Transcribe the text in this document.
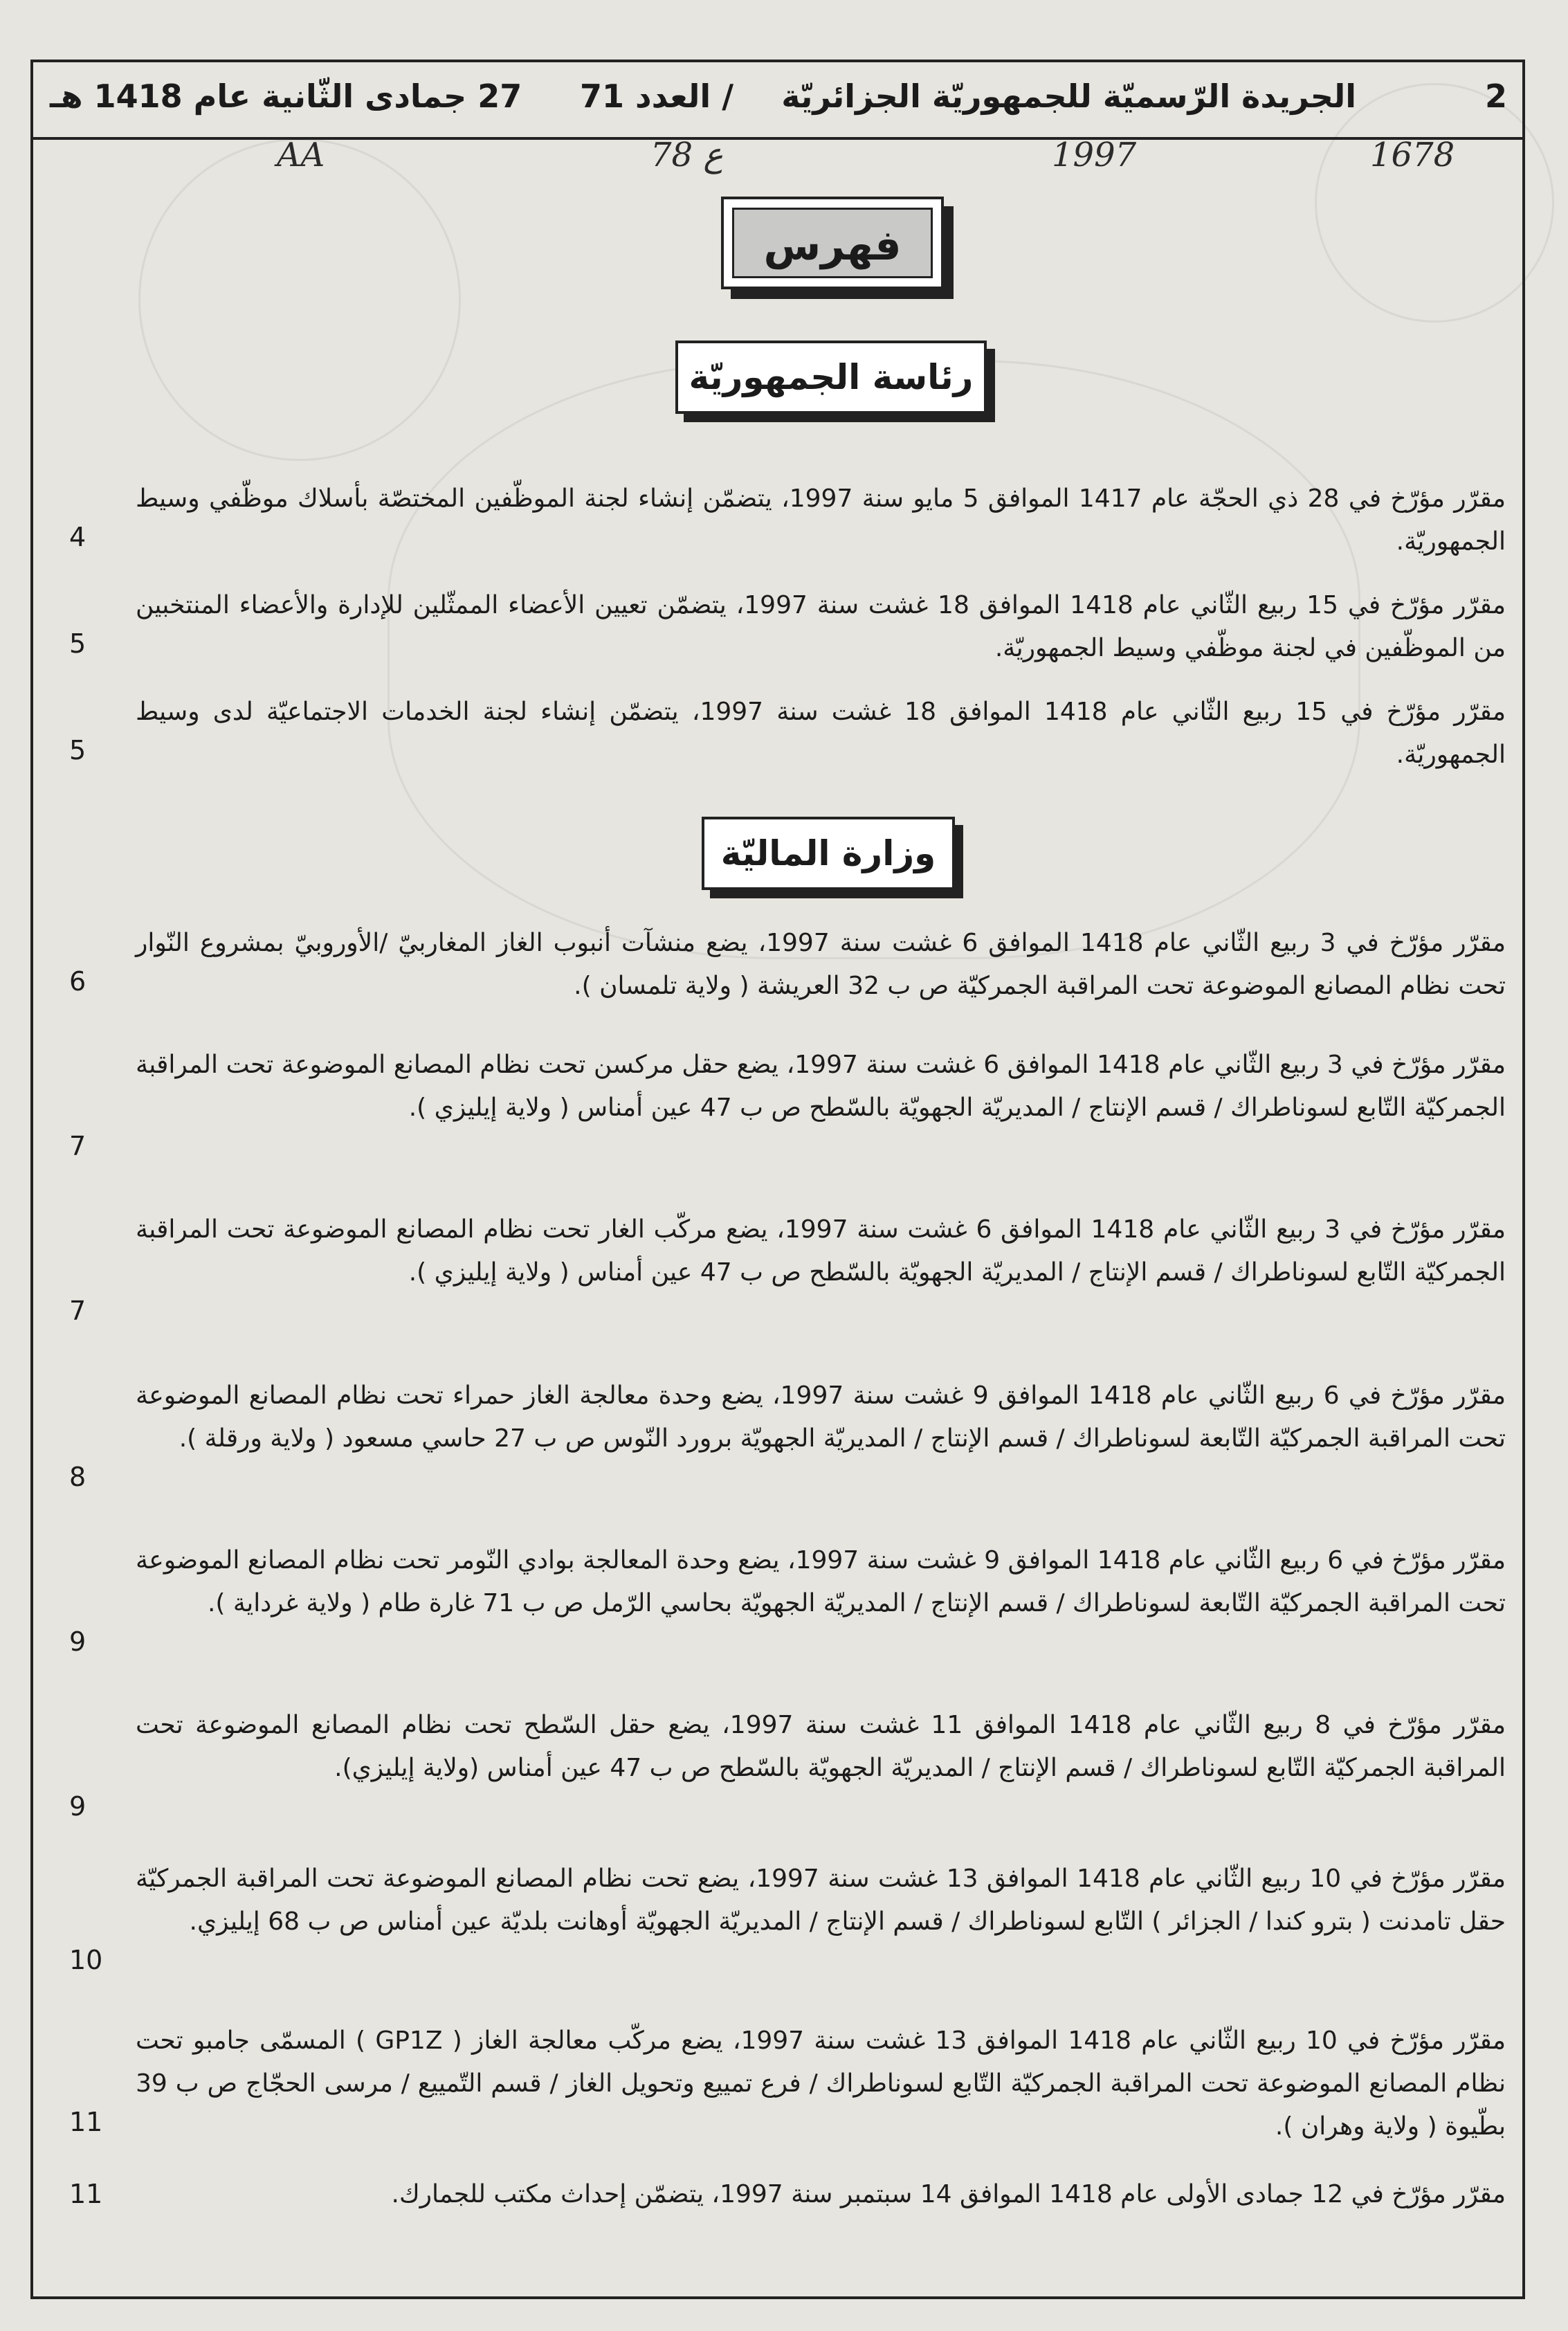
2
الجريدة الرّسميّة للجمهوريّة الجزائريّة
/ العدد 71
27 جمادى الثّانية عام 1418 هـ
AA	78 ع	1997	1678
فهرس
رئاسة الجمهوريّة
وزارة الماليّة
مقرّر مؤرّخ في 28 ذي الحجّة عام 1417 الموافق 5 مايو سنة 1997، يتضمّن إنشاء لجنة الموظّفين المختصّة بأسلاك موظّفي وسيط الجمهوريّة.
4
مقرّر مؤرّخ في 15 ربيع الثّاني عام 1418 الموافق 18 غشت سنة 1997، يتضمّن تعيين الأعضاء الممثّلين للإدارة والأعضاء المنتخبين من الموظّفين في لجنة موظّفي وسيط الجمهوريّة.
5
مقرّر مؤرّخ في 15 ربيع الثّاني عام 1418 الموافق 18 غشت سنة 1997، يتضمّن إنشاء لجنة الخدمات الاجتماعيّة لدى وسيط الجمهوريّة.
5
مقرّر مؤرّخ في 3 ربيع الثّاني عام 1418 الموافق 6 غشت سنة 1997، يضع منشآت أنبوب الغاز المغاربيّ /الأوروبيّ بمشروع النّوار تحت نظام المصانع الموضوعة تحت المراقبة الجمركيّة ص ب 32 العريشة ( ولاية تلمسان ).
6
مقرّر مؤرّخ في 3 ربيع الثّاني عام 1418 الموافق 6 غشت سنة 1997، يضع حقل مركسن تحت نظام المصانع الموضوعة تحت المراقبة الجمركيّة التّابع لسوناطراك / قسم الإنتاج / المديريّة الجهويّة بالسّطح ص ب 47 عين أمناس ( ولاية إيليزي ).
7
مقرّر مؤرّخ في 3 ربيع الثّاني عام 1418 الموافق 6 غشت سنة 1997، يضع مركّب الغار تحت نظام المصانع الموضوعة تحت المراقبة الجمركيّة التّابع لسوناطراك / قسم الإنتاج / المديريّة الجهويّة بالسّطح ص ب 47 عين أمناس ( ولاية إيليزي ).
7
مقرّر مؤرّخ في 6 ربيع الثّاني عام 1418 الموافق 9 غشت سنة 1997، يضع وحدة معالجة الغاز حمراء تحت نظام المصانع الموضوعة تحت المراقبة الجمركيّة التّابعة لسوناطراك / قسم الإنتاج / المديريّة الجهويّة برورد النّوس ص ب 27 حاسي مسعود ( ولاية ورقلة ).
8
مقرّر مؤرّخ في 6 ربيع الثّاني عام 1418 الموافق 9 غشت سنة 1997، يضع وحدة المعالجة بوادي النّومر تحت نظام المصانع الموضوعة تحت المراقبة الجمركيّة التّابعة لسوناطراك / قسم الإنتاج / المديريّة الجهويّة بحاسي الرّمل ص ب 71 غارة طام ( ولاية غرداية ).
9
مقرّر مؤرّخ في 8 ربيع الثّاني عام 1418 الموافق 11 غشت سنة 1997، يضع حقل السّطح تحت نظام المصانع الموضوعة تحت المراقبة الجمركيّة التّابع لسوناطراك / قسم الإنتاج / المديريّة الجهويّة بالسّطح ص ب 47 عين أمناس (ولاية إيليزي).
9
مقرّر مؤرّخ في 10 ربيع الثّاني عام 1418 الموافق 13 غشت سنة 1997، يضع تحت نظام المصانع الموضوعة تحت المراقبة الجمركيّة حقل تامدنت ( بترو كندا / الجزائر ) التّابع لسوناطراك / قسم الإنتاج / المديريّة الجهويّة أوهانت بلديّة عين أمناس ص ب 68 إيليزي.
10
مقرّر مؤرّخ في 10 ربيع الثّاني عام 1418 الموافق 13 غشت سنة 1997، يضع مركّب معالجة الغاز ( GP1Z ) المسمّى جامبو تحت نظام المصانع الموضوعة تحت المراقبة الجمركيّة التّابع لسوناطراك / فرع تمييع وتحويل الغاز / قسم التّمييع / مرسى الحجّاج ص ب 39 بطّيوة ( ولاية وهران ).
11
مقرّر مؤرّخ في 12 جمادى الأولى عام 1418 الموافق 14 سبتمبر سنة 1997، يتضمّن إحداث مكتب للجمارك.
11
